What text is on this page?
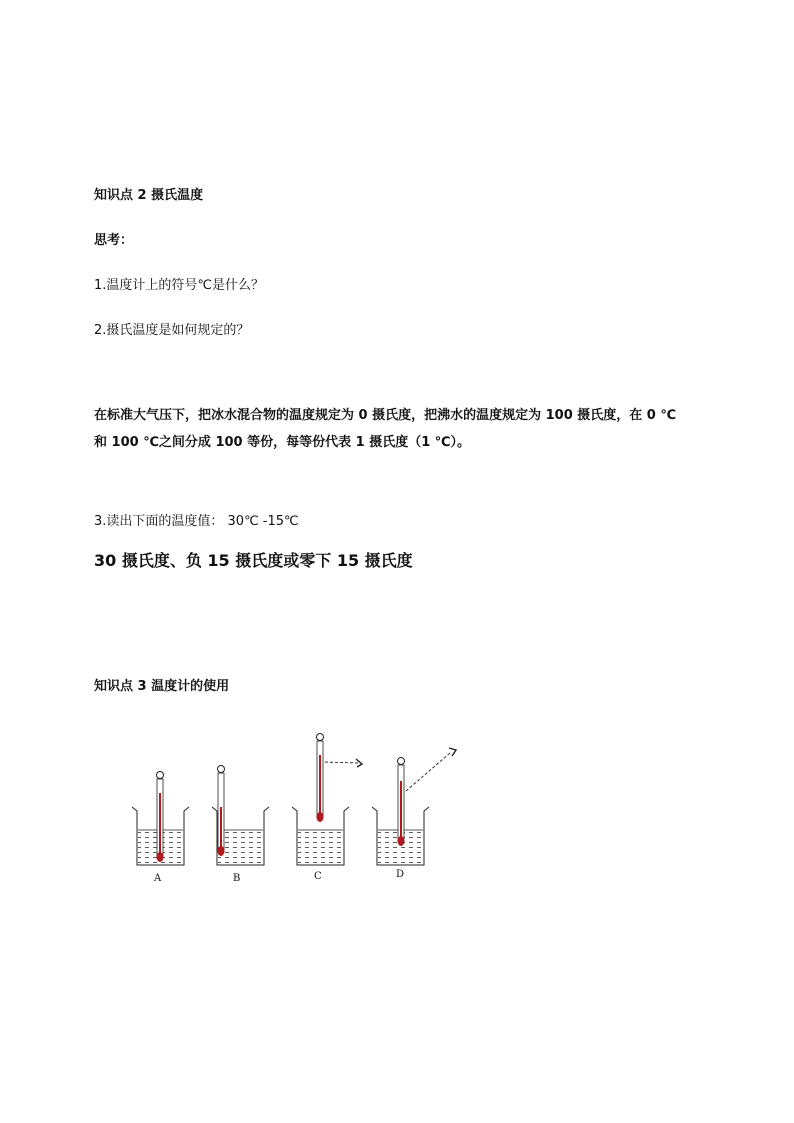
知识点 2 摄氏温度
思考：
1.温度计上的符号℃是什么？
2.摄氏温度是如何规定的？
在标准大气压下，把冰水混合物的温度规定为 0 摄氏度，把沸水的温度规定为 100 摄氏度，在 0 ℃
和 100 ℃之间分成 100 等份，每等份代表 1 摄氏度（1 ℃）。
3.读出下面的温度值： 30℃ -15℃
30 摄氏度、负 15 摄氏度或零下 15 摄氏度
知识点 3 温度计的使用
A	B	C	D
